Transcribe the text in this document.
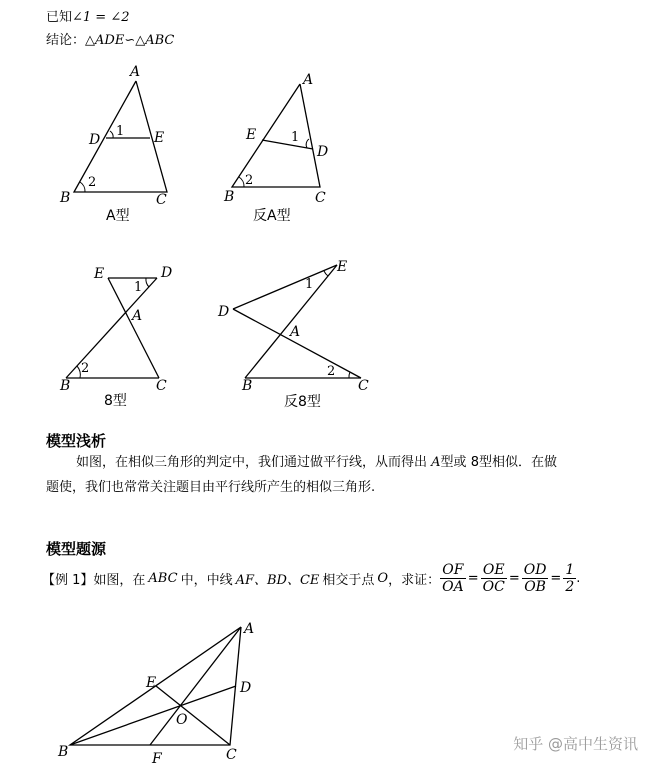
已知∠1 = ∠2
结论：△ADE∽△ABC
A
D	E
B	C
1
2
A型
A
E
D
B	C
1
2
反A型
E	D
A
B	C
1
2
8型
E
D
A
B	C
1
2
反8型
模型浅析
如图，在相似三角形的判定中，我们通过做平行线，从而得出 A型或 8型相似．在做
题使，我们也常常关注题目由平行线所产生的相似三角形.
模型题源
【例 1】 如图，在 ABC 中，中线 AF、BD、CE 相交于点 O ，求证： $\frac{OF}{OA} = \frac{OE}{OC} = \frac{OD}{OB} = \frac{1}{2}$ .
A
E	D
O
B	F	C
知乎 @高中生资讯
